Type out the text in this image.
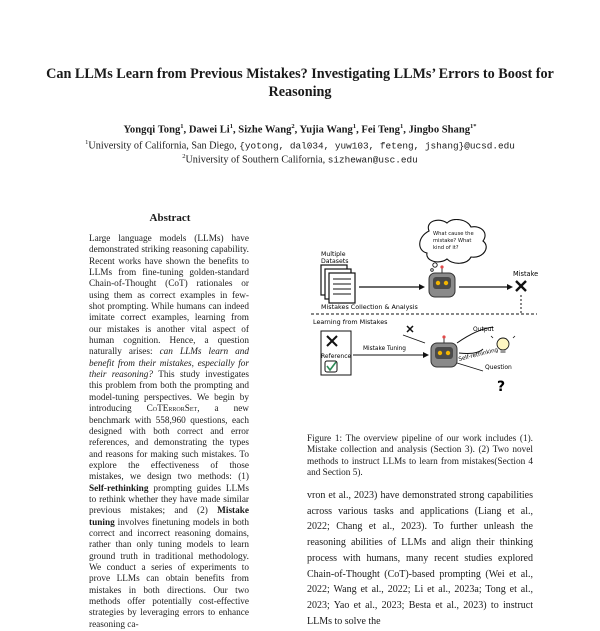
Can LLMs Learn from Previous Mistakes? Investigating LLMs’ Errors to Boost for Reasoning
Yongqi Tong$^1$, Dawei Li$^1$, Sizhe Wang$^2$, Yujia Wang$^1$, Fei Teng$^1$, Jingbo Shang$^{1*}$
$^1$University of California, San Diego, {yotong, dal034, yuw103, feteng, jshang}@ucsd.edu
$^2$University of Southern California, sizhewan@usc.edu
Abstract

Large language models (LLMs) have demonstrated striking reasoning capability. Recent works have shown the benefits to LLMs from fine-tuning golden-standard Chain-of-Thought (CoT) rationales or using them as correct examples in few-shot prompting. While humans can indeed imitate correct examples, learning from our mistakes is another vital aspect of human cognition. Hence, a question naturally arises: can LLMs learn and benefit from their mistakes, especially for their reasoning? This study investigates this problem from both the prompting and model-tuning perspectives. We begin by introducing CoTErrorSet, a new benchmark with 558,960 questions, each designed with both correct and error references, and demonstrating the types and reasons for making such mistakes. To explore the effectiveness of those mistakes, we design two methods: (1) Self-rethinking prompting guides LLMs to rethink whether they have made similar previous mistakes; and (2) Mistake tuning involves finetuning models in both correct and incorrect reasoning domains, rather than only tuning models to learn ground truth in traditional methodology. We conduct a series of experiments to prove LLMs can obtain benefits from mistakes in both directions. Our two methods offer potentially cost-effective strategies by leveraging errors to enhance reasoning ca-

Multiple Datasets
What cause the mistake? What kind of it?
Mistake
Mistakes Collection & Analysis
Learning from Mistakes
Reference
Mistake Tuning
Output
Self-rethinking
Question
?

Figure 1: The overview pipeline of our work includes (1). Mistake collection and analysis (Section 3). (2) Two novel methods to instruct LLMs to learn from mistakes(Section 4 and Section 5).

vron et al., 2023) have demonstrated strong capabilities across various tasks and applications (Liang et al., 2022; Chang et al., 2023). To further unleash the reasoning abilities of LLMs and align their thinking process with humans, many recent studies explored Chain-of-Thought (CoT)-based prompting (Wei et al., 2022; Wang et al., 2022; Li et al., 2023a; Tong et al., 2023; Yao et al., 2023; Besta et al., 2023) to instruct LLMs to solve the
